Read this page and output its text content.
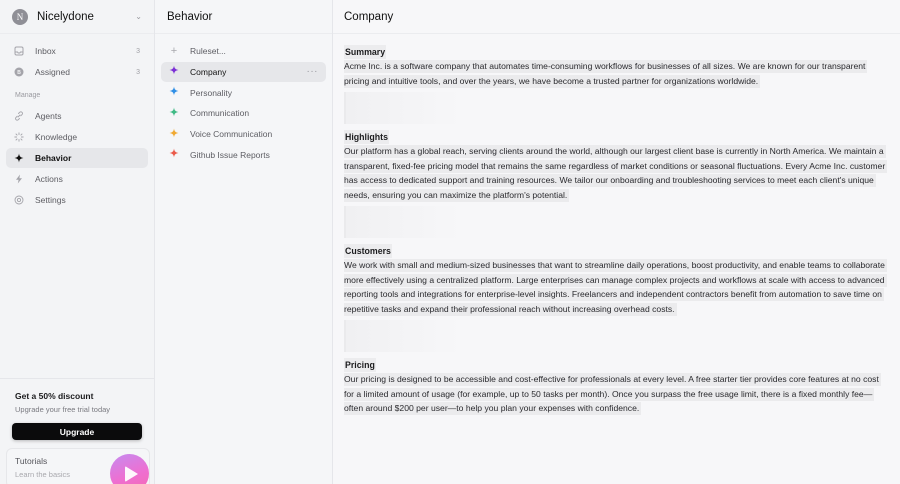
N	Nicelydone	⌄
Inbox	3
B Assigned	3
Manage
Agents
Knowledge
Behavior
Actions
Settings
Get a 50% discount
Upgrade your free trial today
Upgrade
Tutorials
Learn the basics
Behavior
+ Ruleset...
Company	···
Personality
Communication
Voice Communication
Github Issue Reports
Company
Summary
Acme Inc. is a software company that automates time-consuming workflows for businesses of all sizes. We are known for our transparent pricing and intuitive tools, and over the years, we have become a trusted partner for organizations worldwide.
Highlights
Our platform has a global reach, serving clients around the world, although our largest client base is currently in North America. We maintain a transparent, fixed-fee pricing model that remains the same regardless of market conditions or seasonal fluctuations. Every Acme Inc. customer has access to dedicated support and training resources. We tailor our onboarding and troubleshooting services to meet each client's unique needs, ensuring you can maximize the platform's potential.
Customers
We work with small and medium-sized businesses that want to streamline daily operations, boost productivity, and enable teams to collaborate more effectively using a centralized platform. Large enterprises can manage complex projects and workflows at scale with access to advanced reporting tools and integrations for enterprise-level insights. Freelancers and independent contractors benefit from automation to save time on repetitive tasks and expand their professional reach without increasing overhead costs.
Pricing
Our pricing is designed to be accessible and cost-effective for professionals at every level. A free starter tier provides core features at no cost for a limited amount of usage (for example, up to 50 tasks per month). Once you surpass the free usage limit, there is a fixed monthly fee—often around $200 per user—to help you plan your expenses with confidence.
